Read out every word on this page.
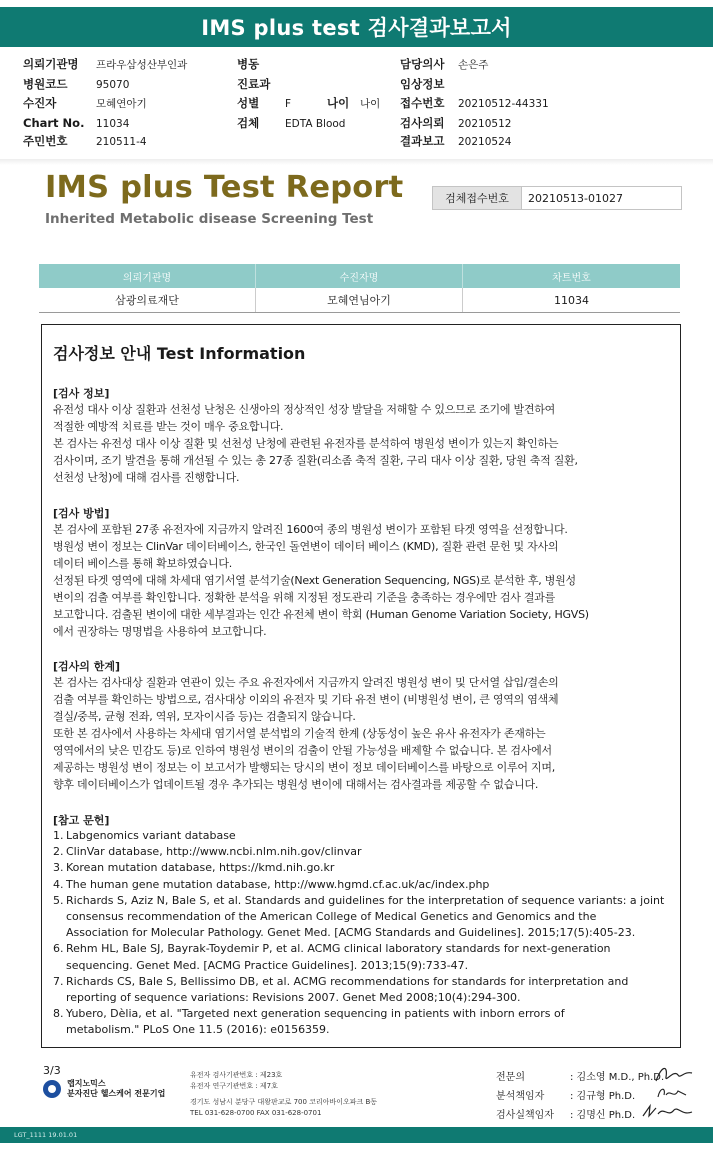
IMS plus test 검사결과보고서
의뢰기관명 프라우삼성산부인과
병원코드	95070
수진자	모혜연아기
Chart No. 11034
주민번호	210511-4
병동
진료과
성별 F
검체 EDTA Blood
나이 나이
담당의사 손은주
임상정보
접수번호 20210512-44331
검사의뢰 20210512
결과보고 20210524
IMS plus Test Report
Inherited Metabolic disease Screening Test
검체접수번호	20210513-01027
의뢰기관명	수진자명	차트번호
삼광의료재단	모혜연님아기	11034
검사정보 안내 Test Information
[검사 정보]

유전성 대사 이상 질환과 선천성 난청은 신생아의 정상적인 성장 발달을 저해할 수 있으므로 조기에 발견하여

적절한 예방적 치료를 받는 것이 매우 중요합니다.

본 검사는 유전성 대사 이상 질환 및 선천성 난청에 관련된 유전자를 분석하여 병원성 변이가 있는지 확인하는

검사이며, 조기 발견을 통해 개선될 수 있는 총 27종 질환(리소좀 축적 질환, 구리 대사 이상 질환, 당원 축적 질환,

선천성 난청)에 대해 검사를 진행합니다.

[검사 방법]

본 검사에 포함된 27종 유전자에 지금까지 알려진 1600여 종의 병원성 변이가 포함된 타겟 영역을 선정합니다.

병원성 변이 정보는 ClinVar 데이터베이스, 한국인 돌연변이 데이터 베이스 (KMD), 질환 관련 문헌 및 자사의

데이터 베이스를 통해 확보하였습니다.

선정된 타겟 영역에 대해 차세대 염기서열 분석기술(Next Generation Sequencing, NGS)로 분석한 후, 병원성

변이의 검출 여부를 확인합니다. 정확한 분석을 위해 지정된 정도관리 기준을 충족하는 경우에만 검사 결과를

보고합니다. 검출된 변이에 대한 세부결과는 인간 유전체 변이 학회 (Human Genome Variation Society, HGVS)

에서 권장하는 명명법을 사용하여 보고합니다.

[검사의 한계]

본 검사는 검사대상 질환과 연관이 있는 주요 유전자에서 지금까지 알려진 병원성 변이 및 단서열 삽입/결손의

검출 여부를 확인하는 방법으로, 검사대상 이외의 유전자 및 기타 유전 변이 (비병원성 변이, 큰 영역의 염색체

결실/중복, 균형 전좌, 역위, 모자이시즘 등)는 검출되지 않습니다.

또한 본 검사에서 사용하는 차세대 염기서열 분석법의 기술적 한계 (상동성이 높은 유사 유전자가 존재하는

영역에서의 낮은 민감도 등)로 인하여 병원성 변이의 검출이 안될 가능성을 배제할 수 없습니다. 본 검사에서

제공하는 병원성 변이 정보는 이 보고서가 발행되는 당시의 변이 정보 데이터베이스를 바탕으로 이루어 지며,

향후 데이터베이스가 업데이트될 경우 추가되는 병원성 변이에 대해서는 검사결과를 제공할 수 없습니다.

[참고 문헌]
1. Labgenomics variant database
2. ClinVar database, http://www.ncbi.nlm.nih.gov/clinvar
3. Korean mutation database, https://kmd.nih.go.kr
4. The human gene mutation database, http://www.hgmd.cf.ac.uk/ac/index.php
5. Richards S, Aziz N, Bale S, et al. Standards and guidelines for the interpretation of sequence variants: a joint
consensus recommendation of the American College of Medical Genetics and Genomics and the
Association for Molecular Pathology. Genet Med. [ACMG Standards and Guidelines]. 2015;17(5):405-23.
6. Rehm HL, Bale SJ, Bayrak-Toydemir P, et al. ACMG clinical laboratory standards for next-generation
sequencing. Genet Med. [ACMG Practice Guidelines]. 2013;15(9):733-47.
7. Richards CS, Bale S, Bellissimo DB, et al. ACMG recommendations for standards for interpretation and
reporting of sequence variations: Revisions 2007. Genet Med 2008;10(4):294-300.
8. Yubero, Dèlia, et al. "Targeted next generation sequencing in patients with inborn errors of
metabolism." PLoS One 11.5 (2016): e0156359.
3/3
랩지노믹스
분자진단 헬스케어 전문기업
유전자 검사기관번호 : 제23호
유전자 연구기관번호 : 제7호
경기도 성남시 분당구 대왕판교로 700 코리아바이오파크 B동
TEL 031-628-0700 FAX 031-628-0701
전문의	: 김소영 M.D., Ph.D.
분석책임자	: 김규형 Ph.D.
검사실책임자 : 김명신 Ph.D.
LGT_1111 19.01.01
